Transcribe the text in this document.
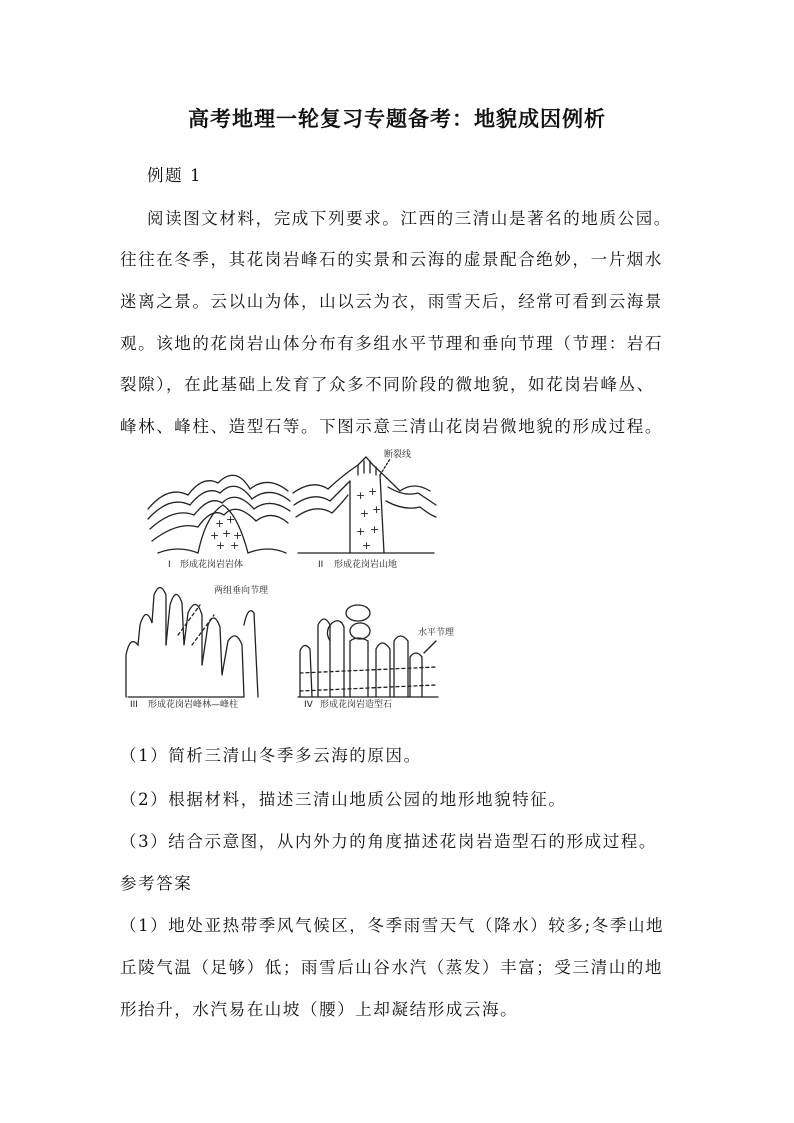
高考地理一轮复习专题备考：地貌成因例析
例题 1
阅读图文材料，完成下列要求。江西的三清山是著名的地质公园。
往往在冬季，其花岗岩峰石的实景和云海的虚景配合绝妙，一片烟水
迷离之景。云以山为体，山以云为衣，雨雪天后，经常可看到云海景
观。该地的花岗岩山体分布有多组水平节理和垂向节理（节理：岩石
裂隙），在此基础上发育了众多不同阶段的微地貌，如花岗岩峰丛、
峰林、峰柱、造型石等。下图示意三清山花岗岩微地貌的形成过程。
+ +
+ + +
+ +
+ +
+ +
+ +
+
I 形成花岗岩岩体	II 形成花岗岩山地
断裂线
III 形成花岗岩峰林—峰柱
两组垂向节理
IV 形成花岗岩造型石
水平节理
（1）简析三清山冬季多云海的原因。
（2）根据材料，描述三清山地质公园的地形地貌特征。
（3）结合示意图，从内外力的角度描述花岗岩造型石的形成过程。
参考答案
（1）地处亚热带季风气候区，冬季雨雪天气（降水）较多;冬季山地
丘陵气温（足够）低；雨雪后山谷水汽（蒸发）丰富；受三清山的地
形抬升，水汽易在山坡（腰）上却凝结形成云海。
